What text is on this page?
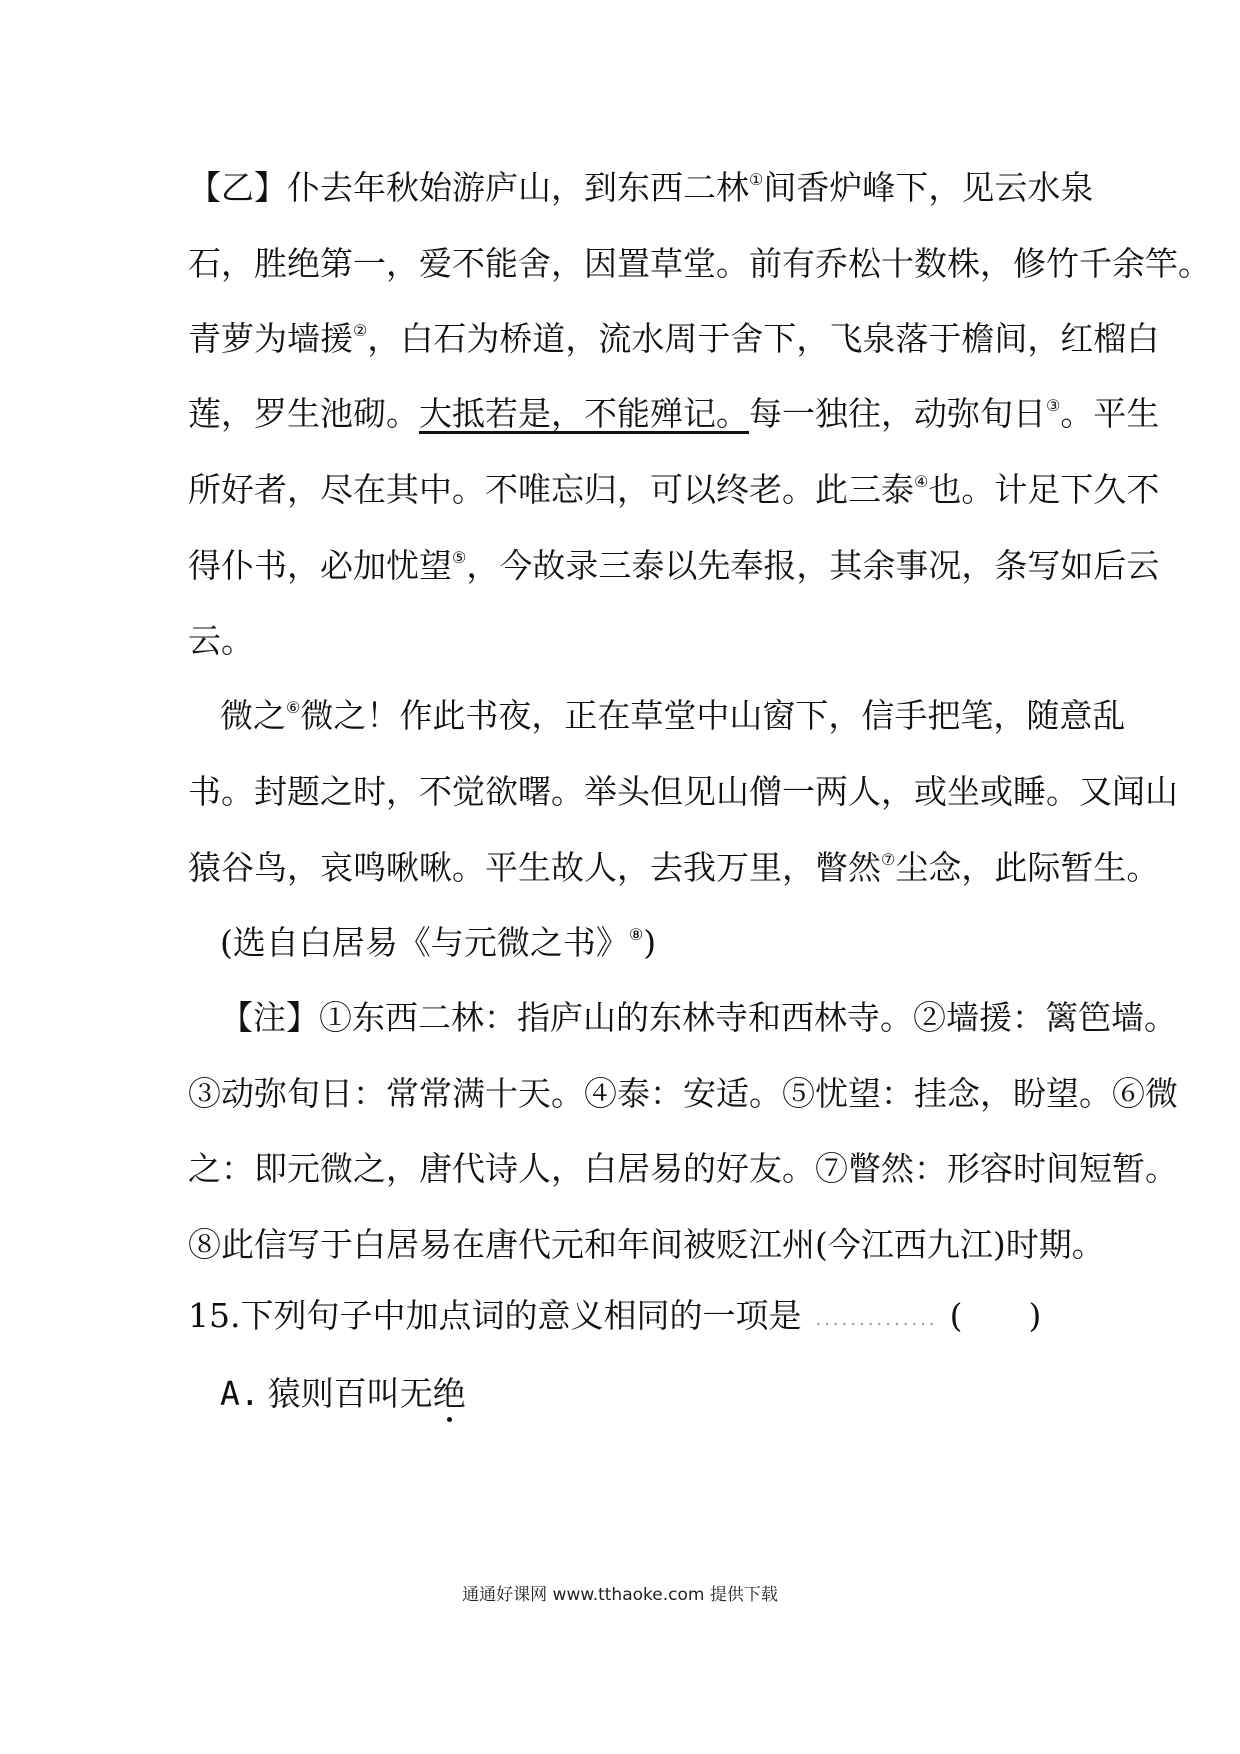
【乙】仆去年秋始游庐山，到东西二林①间香炉峰下，见云水泉
石，胜绝第一，爱不能舍，因置草堂。前有乔松十数株，修竹千余竿。
青萝为墙援②，白石为桥道，流水周于舍下，飞泉落于檐间，红榴白
莲，罗生池砌。大抵若是，不能殚记。每一独往，动弥旬日③。平生
所好者，尽在其中。不唯忘归，可以终老。此三泰④也。计足下久不
得仆书，必加忧望⑤，今故录三泰以先奉报，其余事况，条写如后云
云。
微之⑥微之！作此书夜，正在草堂中山窗下，信手把笔，随意乱
书。封题之时，不觉欲曙。举头但见山僧一两人，或坐或睡。又闻山
猿谷鸟，哀鸣啾啾。平生故人，去我万里，瞥然⑦尘念，此际暂生。
(选自白居易《与元微之书》⑧)
【注】①东西二林：指庐山的东林寺和西林寺。②墙援：篱笆墙。
③动弥旬日：常常满十天。④泰：安适。⑤忧望：挂念，盼望。⑥微
之：即元微之，唐代诗人，白居易的好友。⑦瞥然：形容时间短暂。
⑧此信写于白居易在唐代元和年间被贬江州(今江西九江)时期。
15.下列句子中加点词的意义相同的一项是 .............. (　　)
A. 猿则百叫无绝
通通好课网 www.tthaoke.com 提供下载
